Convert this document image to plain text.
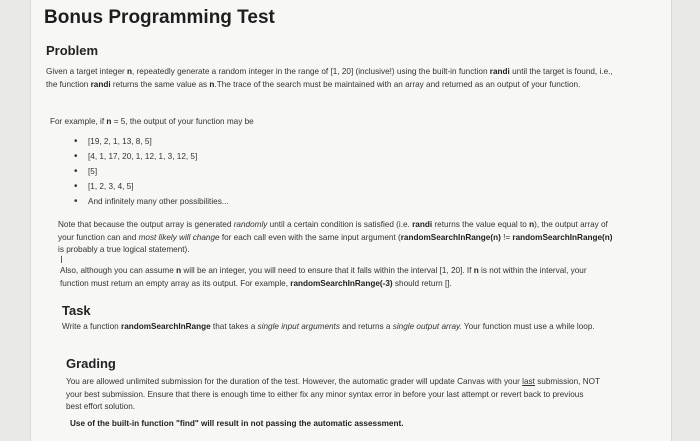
Bonus Programming Test
Problem

Given a target integer n, repeatedly generate a random integer in the range of [1, 20] (inclusive!) using the built-in function randi until the target is found, i.e., the function randi returns the same value as n.The trace of the search must be maintained with an array and returned as an output of your function.

For example, if n = 5, the output of your function may be

• [19, 2, 1, 13, 8, 5]
• [4, 1, 17, 20, 1, 12, 1, 3, 12, 5]
• [5]
• [1, 2, 3, 4, 5]
• And infinitely many other possibilities...

Note that because the output array is generated randomly until a certain condition is satisfied (i.e. randi returns the value equal to n), the output array of your function can and most likely will change for each call even with the same input argument (randomSearchInRange(n) != randomSearchInRange(n) is probably a true logical statement).

I

Also, although you can assume n will be an integer, you will need to ensure that it falls within the interval [1, 20]. If n is not within the interval, your function must return an empty array as its output. For example, randomSearchInRange(-3) should return [].

Task

Write a function randomSearchInRange that takes a single input arguments and returns a single output array. Your function must use a while loop.

Grading

You are allowed unlimited submission for the duration of the test. However, the automatic grader will update Canvas with your last submission, NOT your best submission. Ensure that there is enough time to either fix any minor syntax error in before your last attempt or revert back to previous best effort solution.

Use of the built-in function "find" will result in not passing the automatic assessment.
